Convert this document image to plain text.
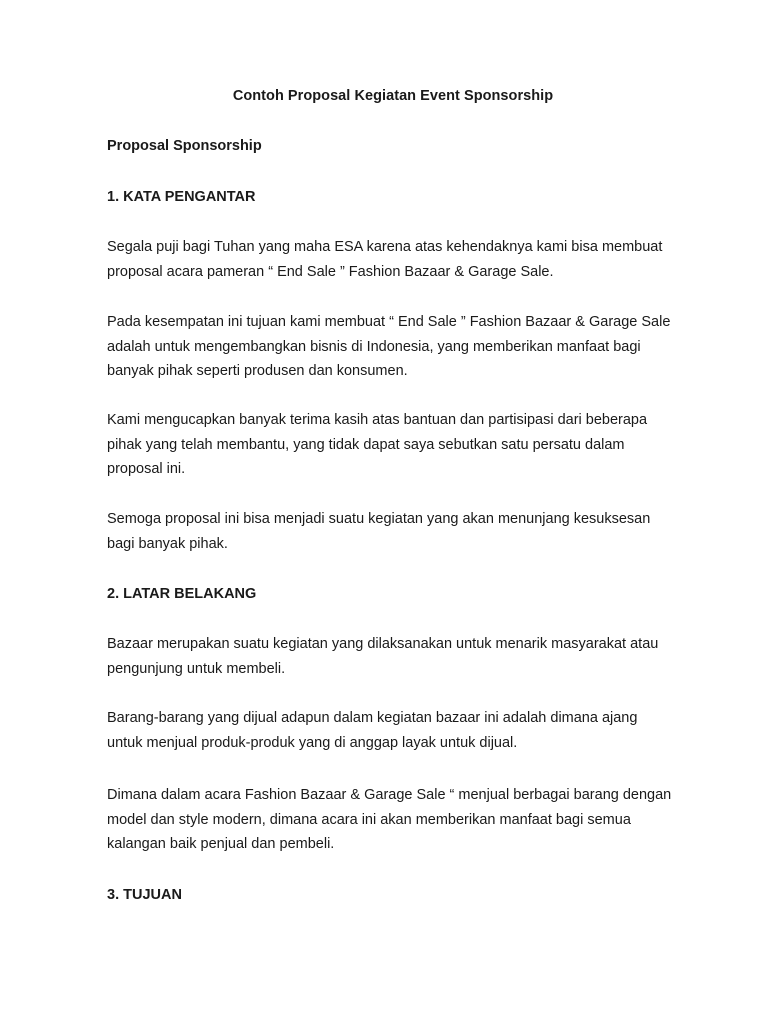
Contoh Proposal Kegiatan Event Sponsorship
Proposal Sponsorship
1. KATA PENGANTAR
Segala puji bagi Tuhan yang maha ESA karena atas kehendaknya kami bisa membuat
proposal acara pameran “ End Sale ” Fashion Bazaar & Garage Sale.
Pada kesempatan ini tujuan kami membuat “ End Sale ” Fashion Bazaar & Garage Sale
adalah untuk mengembangkan bisnis di Indonesia, yang memberikan manfaat bagi
banyak pihak seperti produsen dan konsumen.
Kami mengucapkan banyak terima kasih atas bantuan dan partisipasi dari beberapa
pihak yang telah membantu, yang tidak dapat saya sebutkan satu persatu dalam
proposal ini.
Semoga proposal ini bisa menjadi suatu kegiatan yang akan menunjang kesuksesan
bagi banyak pihak.
2. LATAR BELAKANG
Bazaar merupakan suatu kegiatan yang dilaksanakan untuk menarik masyarakat atau
pengunjung untuk membeli.
Barang-barang yang dijual adapun dalam kegiatan bazaar ini adalah dimana ajang
untuk menjual produk-produk yang di anggap layak untuk dijual.
Dimana dalam acara Fashion Bazaar & Garage Sale “ menjual berbagai barang dengan
model dan style modern, dimana acara ini akan memberikan manfaat bagi semua
kalangan baik penjual dan pembeli.
3. TUJUAN
